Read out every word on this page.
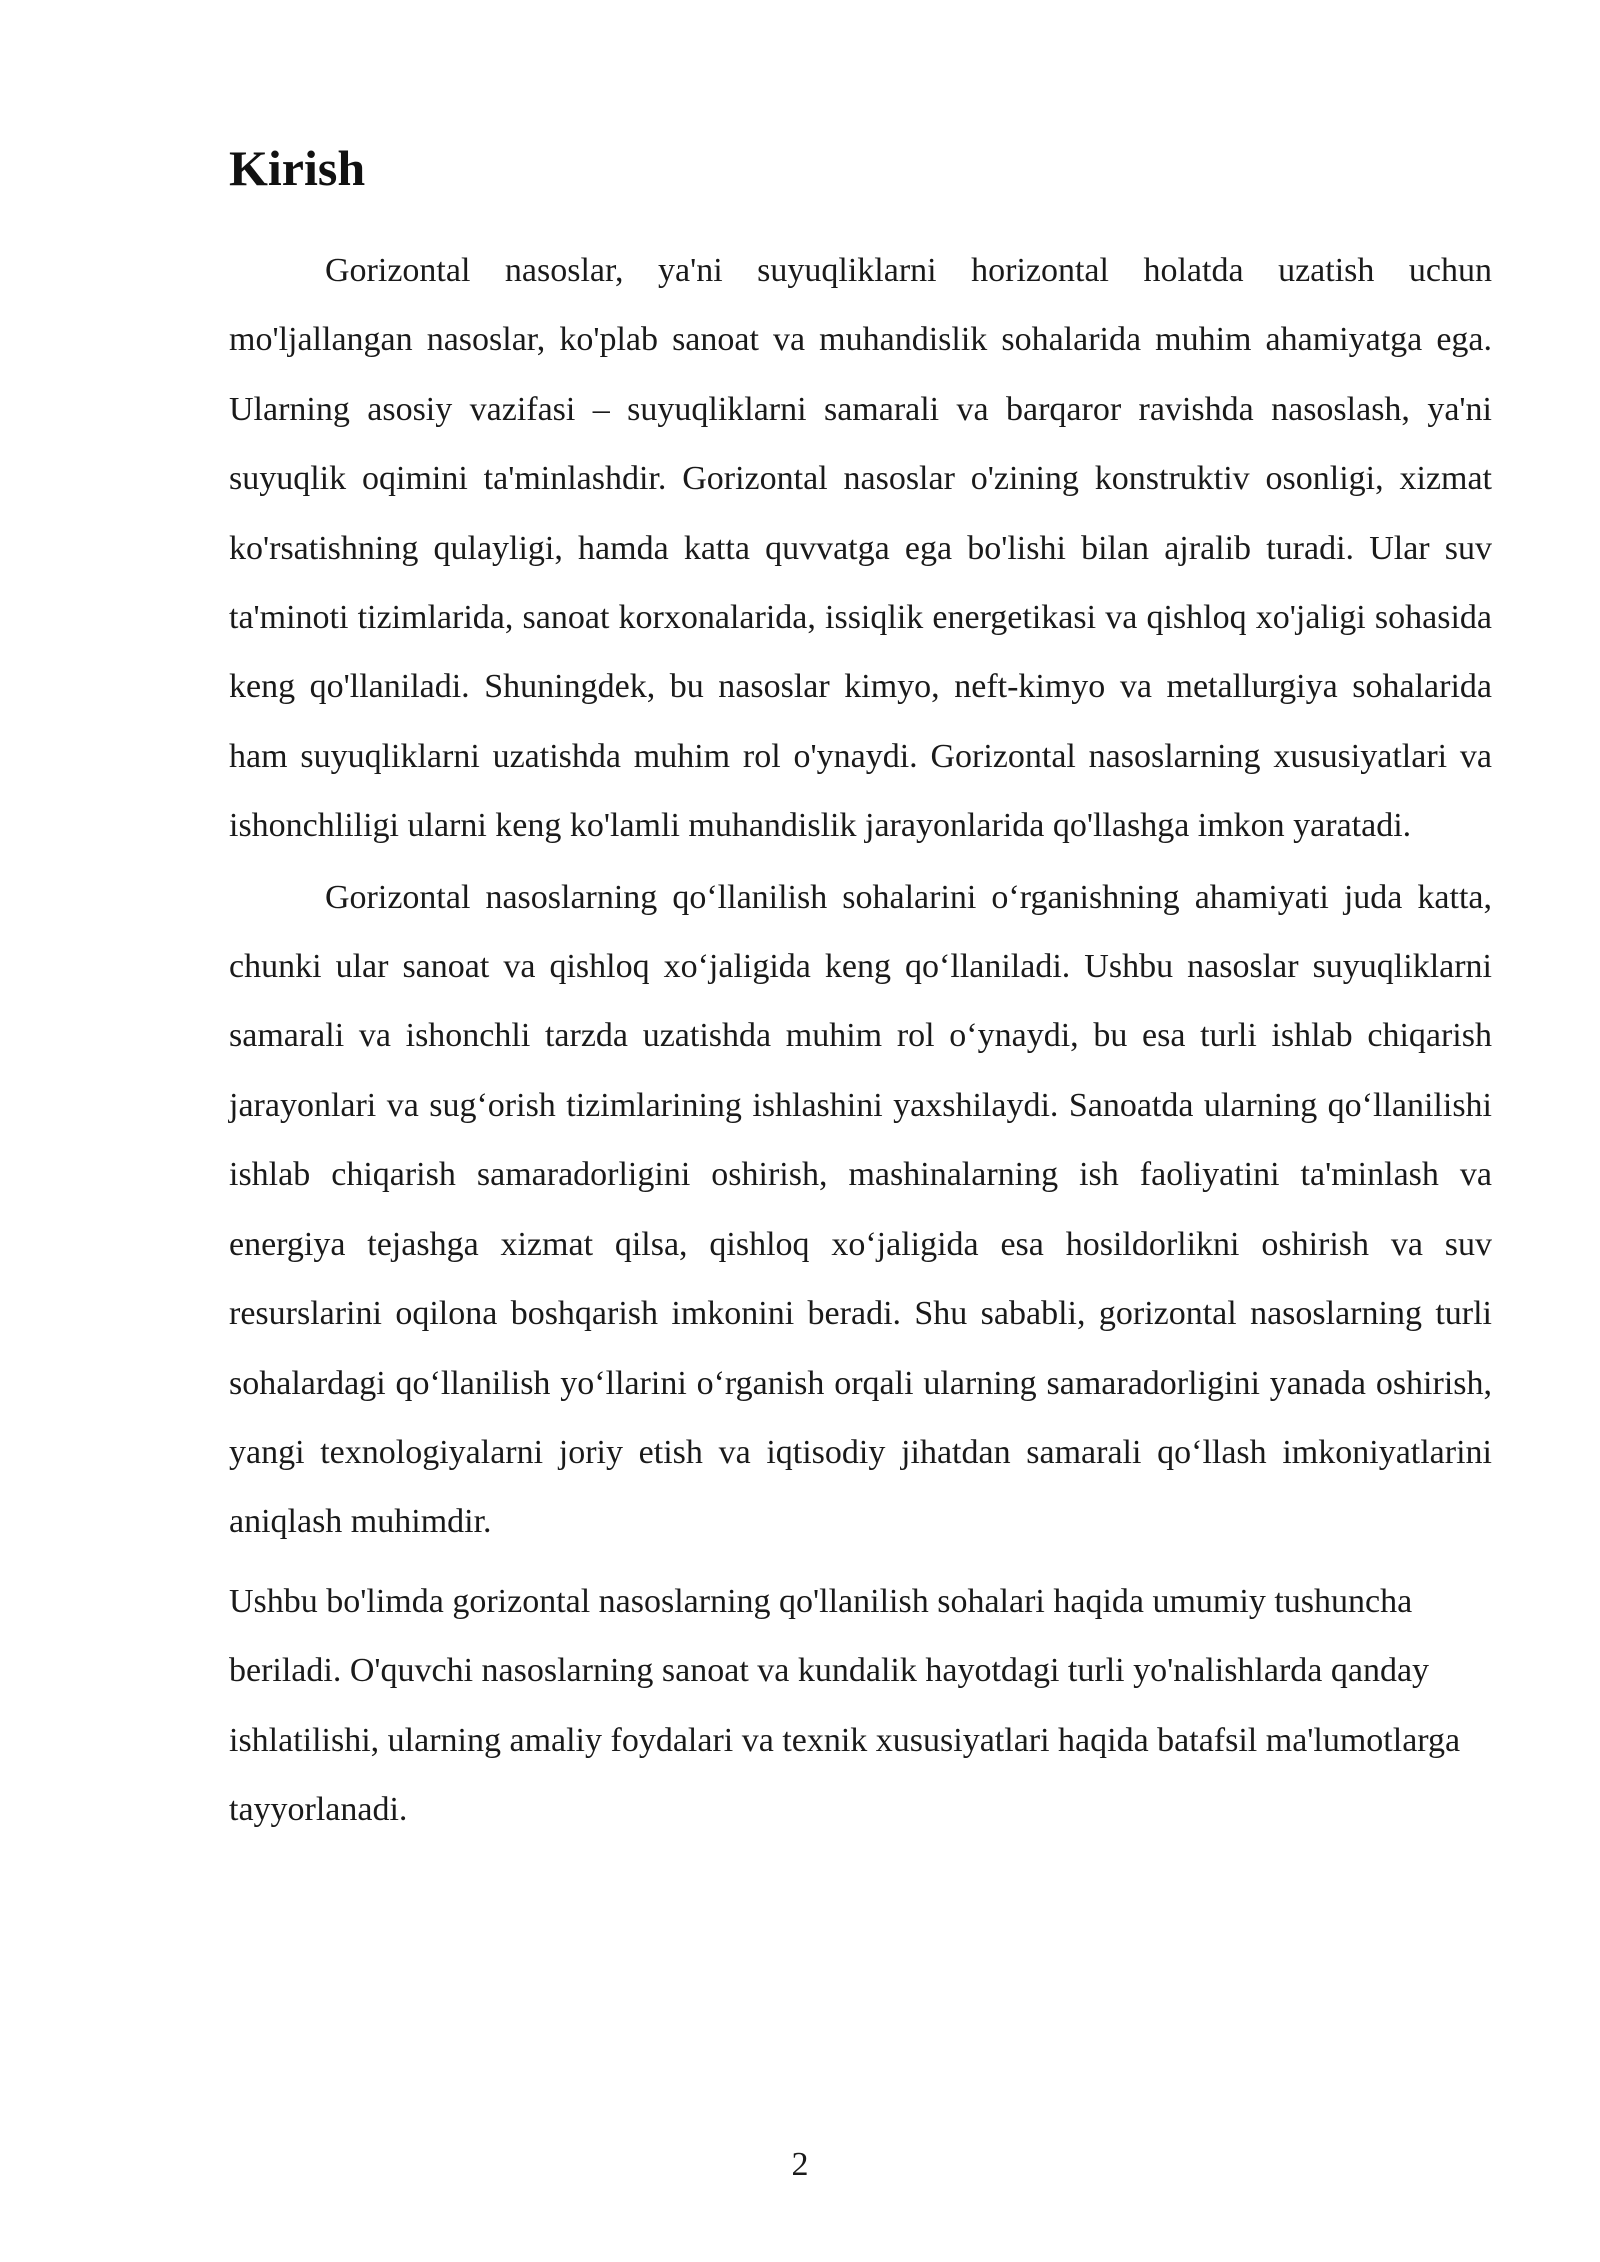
Kirish

Gorizontal nasoslar, ya'ni suyuqliklarni horizontal holatda uzatish uchun mo'ljallangan nasoslar, ko'plab sanoat va muhandislik sohalarida muhim ahamiyatga ega. Ularning asosiy vazifasi – suyuqliklarni samarali va barqaror ravishda nasoslash, ya'ni suyuqlik oqimini ta'minlashdir. Gorizontal nasoslar o'zining konstruktiv osonligi, xizmat ko'rsatishning qulayligi, hamda katta quvvatga ega bo'lishi bilan ajralib turadi. Ular suv ta'minoti tizimlarida, sanoat korxonalarida, issiqlik energetikasi va qishloq xo'jaligi sohasida keng qo'llaniladi. Shuningdek, bu nasoslar kimyo, neft-kimyo va metallurgiya sohalarida ham suyuqliklarni uzatishda muhim rol o'ynaydi. Gorizontal nasoslarning xususiyatlari va ishonchliligi ularni keng ko'lamli muhandislik jarayonlarida qo'llashga imkon yaratadi.

Gorizontal nasoslarning qo‘llanilish sohalarini o‘rganishning ahamiyati juda katta, chunki ular sanoat va qishloq xo‘jaligida keng qo‘llaniladi. Ushbu nasoslar suyuqliklarni samarali va ishonchli tarzda uzatishda muhim rol o‘ynaydi, bu esa turli ishlab chiqarish jarayonlari va sug‘orish tizimlarining ishlashini yaxshilaydi. Sanoatda ularning qo‘llanilishi ishlab chiqarish samaradorligini oshirish, mashinalarning ish faoliyatini ta'minlash va energiya tejashga xizmat qilsa, qishloq xo‘jaligida esa hosildorlikni oshirish va suv resurslarini oqilona boshqarish imkonini beradi. Shu sababli, gorizontal nasoslarning turli sohalardagi qo‘llanilish yo‘llarini o‘rganish orqali ularning samaradorligini yanada oshirish, yangi texnologiyalarni joriy etish va iqtisodiy jihatdan samarali qo‘llash imkoniyatlarini aniqlash muhimdir.

Ushbu bo'limda gorizontal nasoslarning qo'llanilish sohalari haqida umumiy tushuncha beriladi. O'quvchi nasoslarning sanoat va kundalik hayotdagi turli yo'nalishlarda qanday ishlatilishi, ularning amaliy foydalari va texnik xususiyatlari haqida batafsil ma'lumotlarga tayyorlanadi.

2
